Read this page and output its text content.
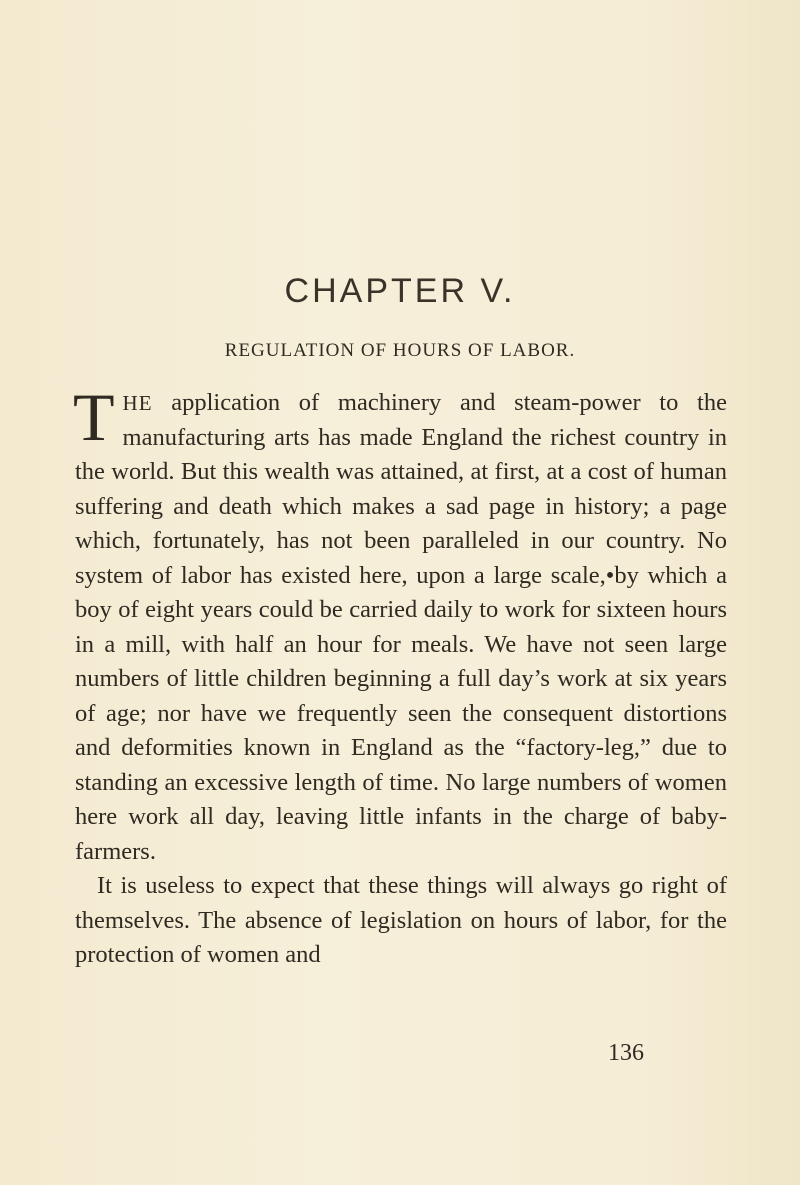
CHAPTER V.
REGULATION OF HOURS OF LABOR.

THE application of machinery and steam-power to the manufacturing arts has made England the richest country in the world. But this wealth was attained, at first, at a cost of human suffering and death which makes a sad page in history; a page which, fortunately, has not been paralleled in our country. No system of labor has existed here, upon a large scale,•by which a boy of eight years could be carried daily to work for sixteen hours in a mill, with half an hour for meals. We have not seen large numbers of little children beginning a full day’s work at six years of age; nor have we frequently seen the consequent distortions and deformities known in England as the “factory-leg,” due to standing an excessive length of time. No large numbers of women here work all day, leaving little infants in the charge of baby-farmers.

It is useless to expect that these things will always go right of themselves. The absence of legislation on hours of labor, for the protection of women and

136
